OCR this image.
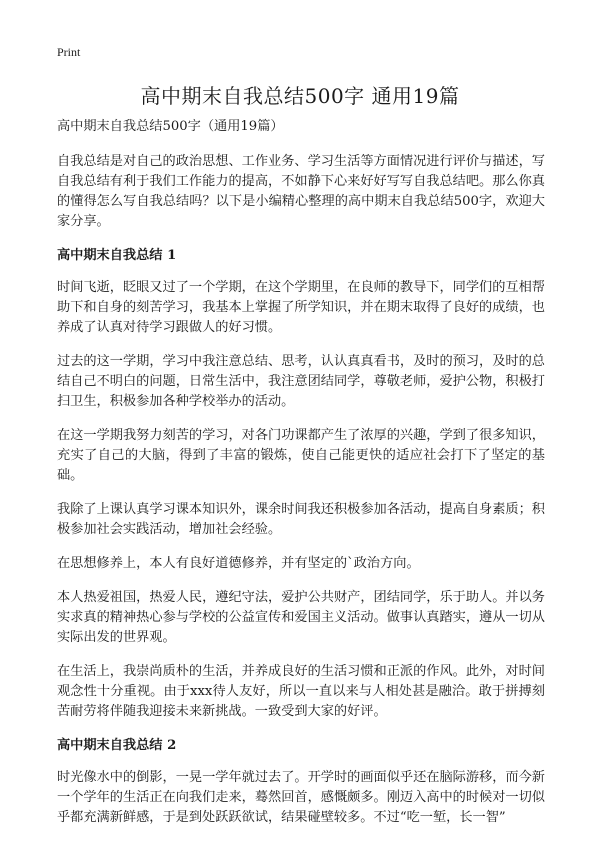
Print
高中期末自我总结500字 通用19篇

高中期末自我总结500字（通用19篇）

自我总结是对自己的政治思想、工作业务、学习生活等方面情况进行评价与描述，写自我总结有利于我们工作能力的提高，不如静下心来好好写写自我总结吧。那么你真的懂得怎么写自我总结吗？以下是小编精心整理的高中期末自我总结500字，欢迎大家分享。

高中期末自我总结 1

时间飞逝，眨眼又过了一个学期，在这个学期里，在良师的教导下，同学们的互相帮助下和自身的刻苦学习，我基本上掌握了所学知识，并在期末取得了良好的成绩，也养成了认真对待学习跟做人的好习惯。

过去的这一学期，学习中我注意总结、思考，认认真真看书，及时的预习，及时的总结自己不明白的问题，日常生活中，我注意团结同学，尊敬老师，爱护公物，积极打扫卫生，积极参加各种学校举办的活动。

在这一学期我努力刻苦的学习，对各门功课都产生了浓厚的兴趣，学到了很多知识，充实了自己的大脑，得到了丰富的锻炼，使自己能更快的适应社会打下了坚定的基础。

我除了上课认真学习课本知识外，课余时间我还积极参加各活动，提高自身素质；积极参加社会实践活动，增加社会经验。

在思想修养上，本人有良好道德修养，并有坚定的`政治方向。

本人热爱祖国，热爱人民，遵纪守法，爱护公共财产，团结同学，乐于助人。并以务实求真的精神热心参与学校的公益宣传和爱国主义活动。做事认真踏实，遵从一切从实际出发的世界观。

在生活上，我崇尚质朴的生活，并养成良好的生活习惯和正派的作风。此外，对时间观念性十分重视。由于xxx待人友好，所以一直以来与人相处甚是融洽。敢于拼搏刻苦耐劳将伴随我迎接未来新挑战。一致受到大家的好评。

高中期末自我总结 2

时光像水中的倒影，一晃一学年就过去了。开学时的画面似乎还在脑际游移，而今新一个学年的生活正在向我们走来，蓦然回首，感慨颇多。刚迈入高中的时候对一切似乎都充满新鲜感，于是到处跃跃欲试，结果碰壁较多。不过“吃一堑，长一智”
